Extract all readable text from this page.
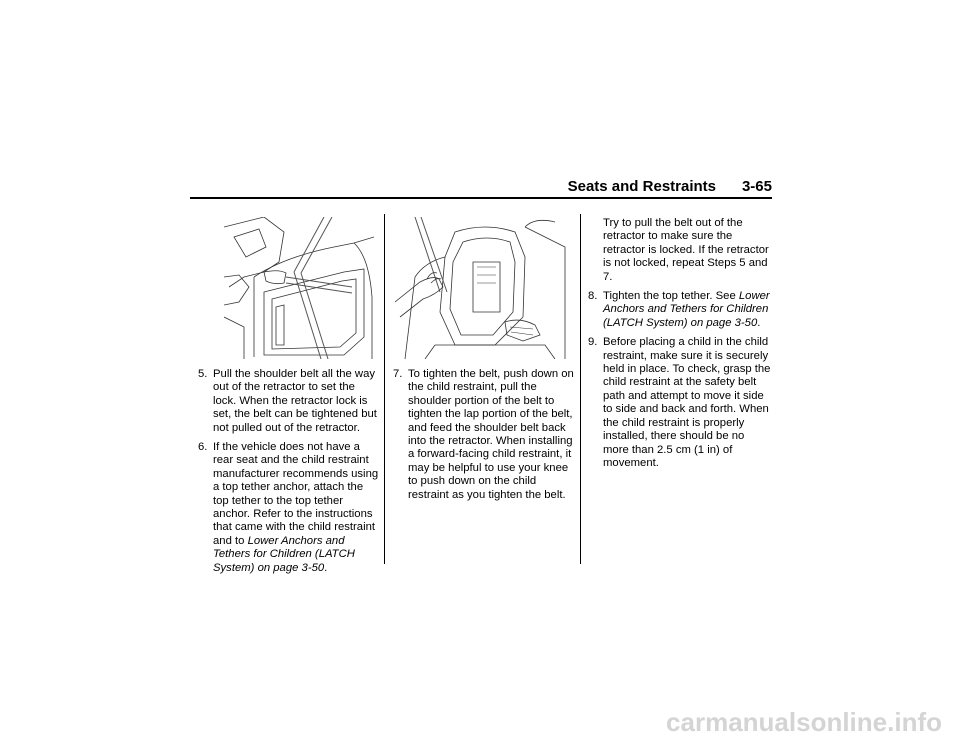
Seats and Restraints 3-65
5. Pull the shoulder belt all the way out of the retractor to set the lock. When the retractor lock is set, the belt can be tightened but not pulled out of the retractor.
6. If the vehicle does not have a rear seat and the child restraint manufacturer recommends using a top tether anchor, attach the top tether to the top tether anchor. Refer to the instructions that came with the child restraint and to Lower Anchors and Tethers for Children (LATCH System) on page 3-50.
7. To tighten the belt, push down on the child restraint, pull the shoulder portion of the belt to tighten the lap portion of the belt, and feed the shoulder belt back into the retractor. When installing a forward-facing child restraint, it may be helpful to use your knee to push down on the child restraint as you tighten the belt.
Try to pull the belt out of the retractor to make sure the retractor is locked. If the retractor is not locked, repeat Steps 5 and 7.
8. Tighten the top tether. See Lower Anchors and Tethers for Children (LATCH System) on page 3-50.
9. Before placing a child in the child restraint, make sure it is securely held in place. To check, grasp the child restraint at the safety belt path and attempt to move it side to side and back and forth. When the child restraint is properly installed, there should be no more than 2.5 cm (1 in) of movement.
carmanualsonline.info
